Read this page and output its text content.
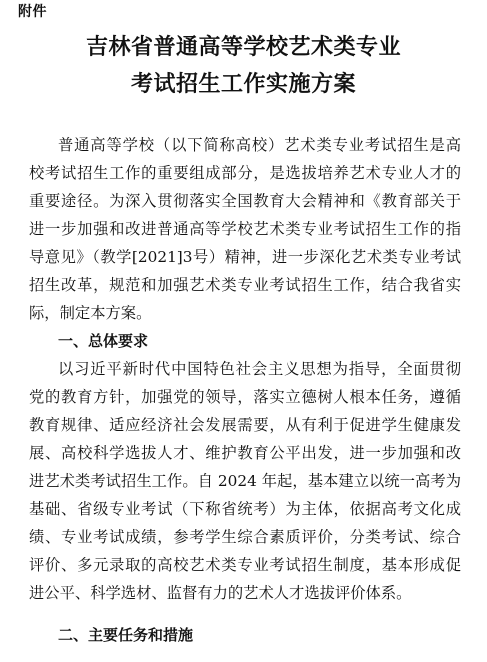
附件
吉林省普通高等学校艺术类专业
考试招生工作实施方案
普通高等学校（以下简称高校）艺术类专业考试招生是高
校考试招生工作的重要组成部分，是选拔培养艺术专业人才的
重要途径。为深入贯彻落实全国教育大会精神和《教育部关于
进一步加强和改进普通高等学校艺术类专业考试招生工作的指
导意见》（教学[2021]3号）精神，进一步深化艺术类专业考试
招生改革，规范和加强艺术类专业考试招生工作，结合我省实
际，制定本方案。
一、总体要求
以习近平新时代中国特色社会主义思想为指导，全面贯彻
党的教育方针，加强党的领导，落实立德树人根本任务，遵循
教育规律、适应经济社会发展需要，从有利于促进学生健康发
展、高校科学选拔人才、维护教育公平出发，进一步加强和改
进艺术类考试招生工作。自 2024 年起，基本建立以统一高考为
基础、省级专业考试（下称省统考）为主体，依据高考文化成
绩、专业考试成绩，参考学生综合素质评价，分类考试、综合
评价、多元录取的高校艺术类专业考试招生制度，基本形成促
进公平、科学选材、监督有力的艺术人才选拔评价体系。
二、主要任务和措施
